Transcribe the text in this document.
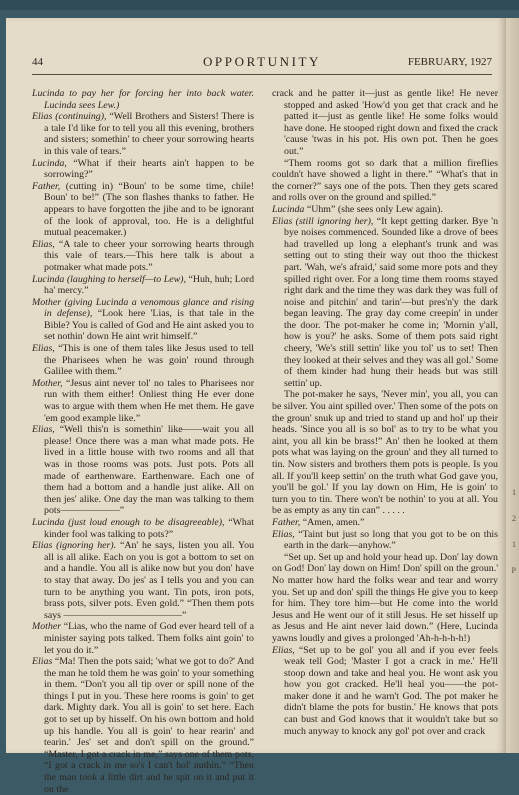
44	OPPORTUNITY	FEBRUARY, 1927

Lucinda to pay her for forcing her into back water. Lucinda sees Lew.)

Elias (continuing), “Well Brothers and Sisters! There is a tale I'd like for to tell you all this evening, brothers and sisters; somethin' to cheer your sorrowing hearts in this vale of tears.”

Lucinda, “What if their hearts ain't happen to be sorrowing?”

Father, (cutting in) “Boun' to be some time, chile! Boun' to be!” (The son flashes thanks to father. He appears to have forgotten the jibe and to be ignorant of the look of approval, too. He is a delightful mutual peacemaker.)

Elias, “A tale to cheer your sorrowing hearts through this vale of tears.—This here talk is about a potmaker what made pots.”

Lucinda (laughing to herself—to Lew), “Huh, huh; Lord ha' mercy.”

Mother (giving Lucinda a venomous glance and rising in defense), “Look here 'Lias, is that tale in the Bible? You is called of God and He aint asked you to set nothin' down He aint writ himself.”

Elias, “This is one of them tales like Jesus used to tell the Pharisees when he was goin' round through Galilee with them.”

Mother, “Jesus aint never tol' no tales to Pharisees nor run with them either! Onliest thing He ever done was to argue with them when He met them. He gave 'em good example like.”

Elias, “Well this'n is somethin' like——wait you all please! Once there was a man what made pots. He lived in a little house with two rooms and all that was in those rooms was pots. Just pots. Pots all made of earthenware. Earthenware. Each one of them had a bottom and a handle just alike. All on then jes' alike. One day the man was talking to them pots——————”

Lucinda (just loud enough to be disagreeable), “What kinder fool was talking to pots?”

Elias (ignoring her). “An' he says, listen you all. You all is all alike. Each on you is got a bottom to set on and a handle. You all is alike now but you don' have to stay that away. Do jes' as I tells you and you can turn to be anything you want. Tin pots, iron pots, brass pots, silver pots. Even gold.” “Then them pots says ————————————”

Mother “Lias, who the name of God ever heard tell of a minister saying pots talked. Them folks aint goin' to let you do it.”

Elias “Ma! Then the pots said; 'what we got to do?' And the man he told them he was goin' to your something in them. “Don't you all tip over or spill none of the things I put in you. These here rooms is goin' to get dark. Mighty dark. You all is goin' to set here. Each got to set up by hisself. On his own bottom and hold up his handle. You all is goin' to hear rearin' and tearin.' Jes' set and don't spill on the ground.” “Master, I got a crack in me,” says one of them pots, “I got a crack in me so's I can't hol' nuthin.” “Then the man took a little dirt and he spit on it and put it on the

crack and he patter it—just as gentle like! He never stopped and asked 'How'd you get that crack and he patted it—just as gentle like! He some folks would have done. He stooped right down and fixed the crack 'cause 'twas in his pot. His own pot. Then he goes out.”

“Them rooms got so dark that a million fireflies couldn't have showed a light in there.” “What's that in the corner?” says one of the pots. Then they gets scared and rolls over on the ground and spilled.”

Lucinda “Uhm” (she sees only Lew again).

Elias (still ignoring her), “It kept getting darker. Bye 'n bye noises commenced. Sounded like a drove of bees had travelled up long a elephant's trunk and was setting out to sting their way out thoo the thickest part. 'Wah, we's afraid,' said some more pots and they spilled right over. For a long time them rooms stayed right dark and the time they was dark they was full of noise and pitchin' and tarin'—but pres'n'y the dark began leaving. The gray day come creepin' in under the door. The pot-maker he come in; 'Mornin y'all, how is you?' he asks. Some of them pots said right cheery, 'We's still settin' like you tol' us to set! Then they looked at their selves and they was all gol.' Some of them kinder had hung their heads but was still settin' up.

The pot-maker he says, 'Never min', you all, you can be silver. You aint spilled over.' Then some of the pots on the groun' snuk up and tried to stand up and hol' up their heads. 'Since you all is so bol' as to try to be what you aint, you all kin be brass!” An' then he looked at them pots what was laying on the groun' and they all turned to tin. Now sisters and brothers them pots is people. Is you all. If you'll keep settin' on the truth what God gave you, you'll be gol.' If you lay down on Him, He is goin' to turn you to tin. There won't be nothin' to you at all. You be as empty as any tin can” . . . . .

Father, “Amen, amen.”

Elias, “Taint but just so long that you got to be on this earth in the dark—anyhow.”

“Set up. Set up and hold your head up. Don' lay down on God! Don' lay down on Him! Don' spill on the groun.' No matter how hard the folks wear and tear and worry you. Set up and don' spill the things He give you to keep for him. They tore him—but He come into the world Jesus and He went our of it still Jesus. He set hisself up as Jesus and He aint never laid down.” (Here, Lucinda yawns loudly and gives a prolonged 'Ah-h-h-h-h!)

Elias, “Set up to be gol' you all and if you ever feels weak tell God; 'Master I got a crack in me.' He'll stoop down and take and heal you. He wont ask you how you got cracked. He'll heal you——the pot-maker done it and he warn't God. The pot maker he didn't blame the pots for bustin.' He knows that pots can bust and God knows that it wouldn't take but so much anyway to knock any gol' pot over and crack

1
2
1
P
